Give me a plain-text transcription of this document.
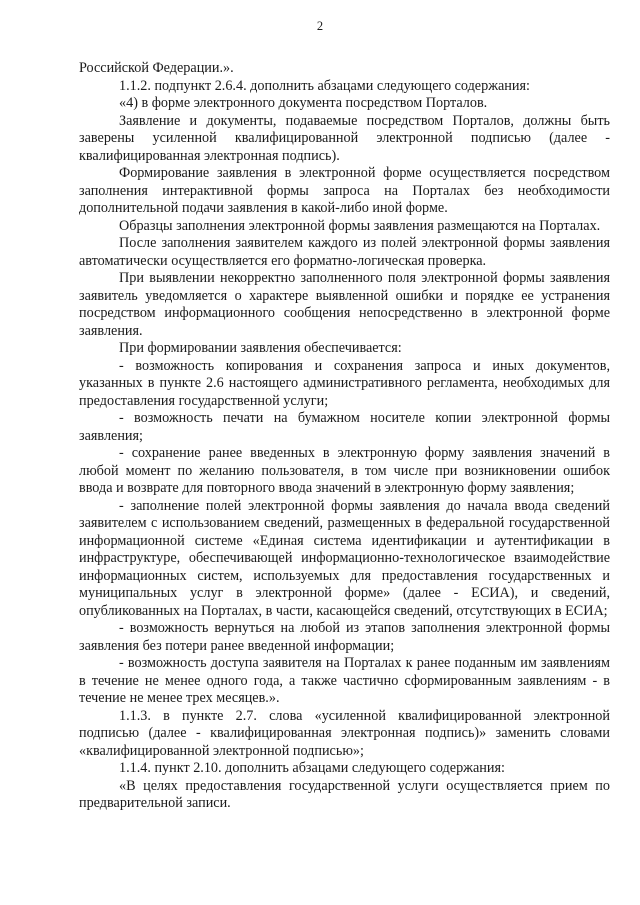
2

Российской Федерации.».

1.1.2. подпункт 2.6.4. дополнить абзацами следующего содержания:

«4) в форме электронного документа посредством Порталов.

Заявление и документы, подаваемые посредством Порталов, должны быть заверены усиленной квалифицированной электронной подписью (далее - квалифицированная электронная подпись).

Формирование заявления в электронной форме осуществляется посредством заполнения интерактивной формы запроса на Порталах без необходимости дополнительной подачи заявления в какой-либо иной форме.

Образцы заполнения электронной формы заявления размещаются на Порталах.

После заполнения заявителем каждого из полей электронной формы заявления автоматически осуществляется его форматно-логическая проверка.

При выявлении некорректно заполненного поля электронной формы заявления заявитель уведомляется о характере выявленной ошибки и порядке ее устранения посредством информационного сообщения непосредственно в электронной форме заявления.

При формировании заявления обеспечивается:

- возможность копирования и сохранения запроса и иных документов, указанных в пункте 2.6 настоящего административного регламента, необходимых для предоставления государственной услуги;

- возможность печати на бумажном носителе копии электронной формы заявления;

- сохранение ранее введенных в электронную форму заявления значений в любой момент по желанию пользователя, в том числе при возникновении ошибок ввода и возврате для повторного ввода значений в электронную форму заявления;

- заполнение полей электронной формы заявления до начала ввода сведений заявителем с использованием сведений, размещенных в федеральной государственной информационной системе «Единая система идентификации и аутентификации в инфраструктуре, обеспечивающей информационно-технологическое взаимодействие информационных систем, используемых для предоставления государственных и муниципальных услуг в электронной форме» (далее - ЕСИА), и сведений, опубликованных на Порталах, в части, касающейся сведений, отсутствующих в ЕСИА;

- возможность вернуться на любой из этапов заполнения электронной формы заявления без потери ранее введенной информации;

- возможность доступа заявителя на Порталах к ранее поданным им заявлениям в течение не менее одного года, а также частично сформированным заявлениям - в течение не менее трех месяцев.».

1.1.3. в пункте 2.7. слова «усиленной квалифицированной электронной подписью (далее - квалифицированная электронная подпись)» заменить словами «квалифицированной электронной подписью»;

1.1.4. пункт 2.10. дополнить абзацами следующего содержания:

«В целях предоставления государственной услуги осуществляется прием по предварительной записи.
